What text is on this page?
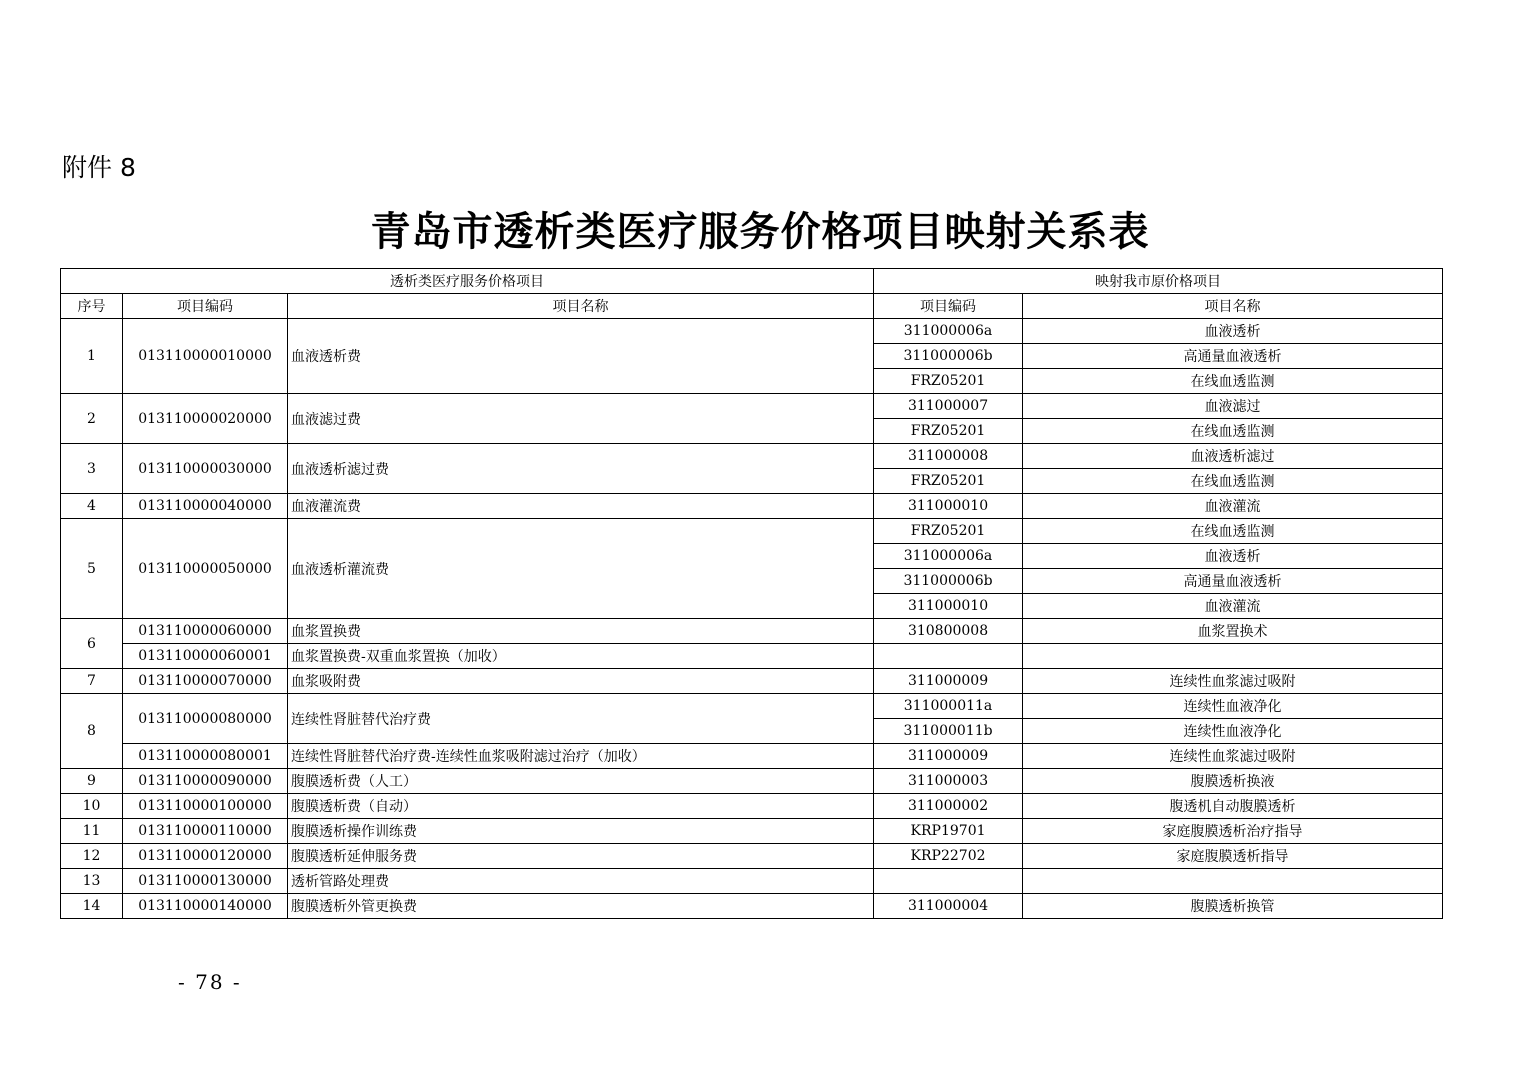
附件 8
青岛市透析类医疗服务价格项目映射关系表
透析类医疗服务价格项目			映射我市原价格项目	
序号	项目编码	项目名称	项目编码	项目名称
1	013110000010000	血液透析费	311000006a	血液透析
			311000006b	高通量血液透析
			FRZ05201	在线血透监测
2	013110000020000	血液滤过费	311000007	血液滤过
			FRZ05201	在线血透监测
3	013110000030000	血液透析滤过费	311000008	血液透析滤过
			FRZ05201	在线血透监测
4	013110000040000	血液灌流费	311000010	血液灌流
5	013110000050000	血液透析灌流费	FRZ05201	在线血透监测
			311000006a	血液透析
			311000006b	高通量血液透析
			311000010	血液灌流
6	013110000060000	血浆置换费	310800008	血浆置换术
	013110000060001	血浆置换费-双重血浆置换（加收）		
7	013110000070000	血浆吸附费	311000009	连续性血浆滤过吸附
8	013110000080000	连续性肾脏替代治疗费	311000011a	连续性血液净化
			311000011b	连续性血液净化
	013110000080001	连续性肾脏替代治疗费-连续性血浆吸附滤过治疗（加收）	311000009	连续性血浆滤过吸附
9	013110000090000	腹膜透析费（人工）	311000003	腹膜透析换液
10	013110000100000	腹膜透析费（自动）	311000002	腹透机自动腹膜透析
11	013110000110000	腹膜透析操作训练费	KRP19701	家庭腹膜透析治疗指导
12	013110000120000	腹膜透析延伸服务费	KRP22702	家庭腹膜透析指导
13	013110000130000	透析管路处理费		
14	013110000140000	腹膜透析外管更换费	311000004	腹膜透析换管
- 78 -
